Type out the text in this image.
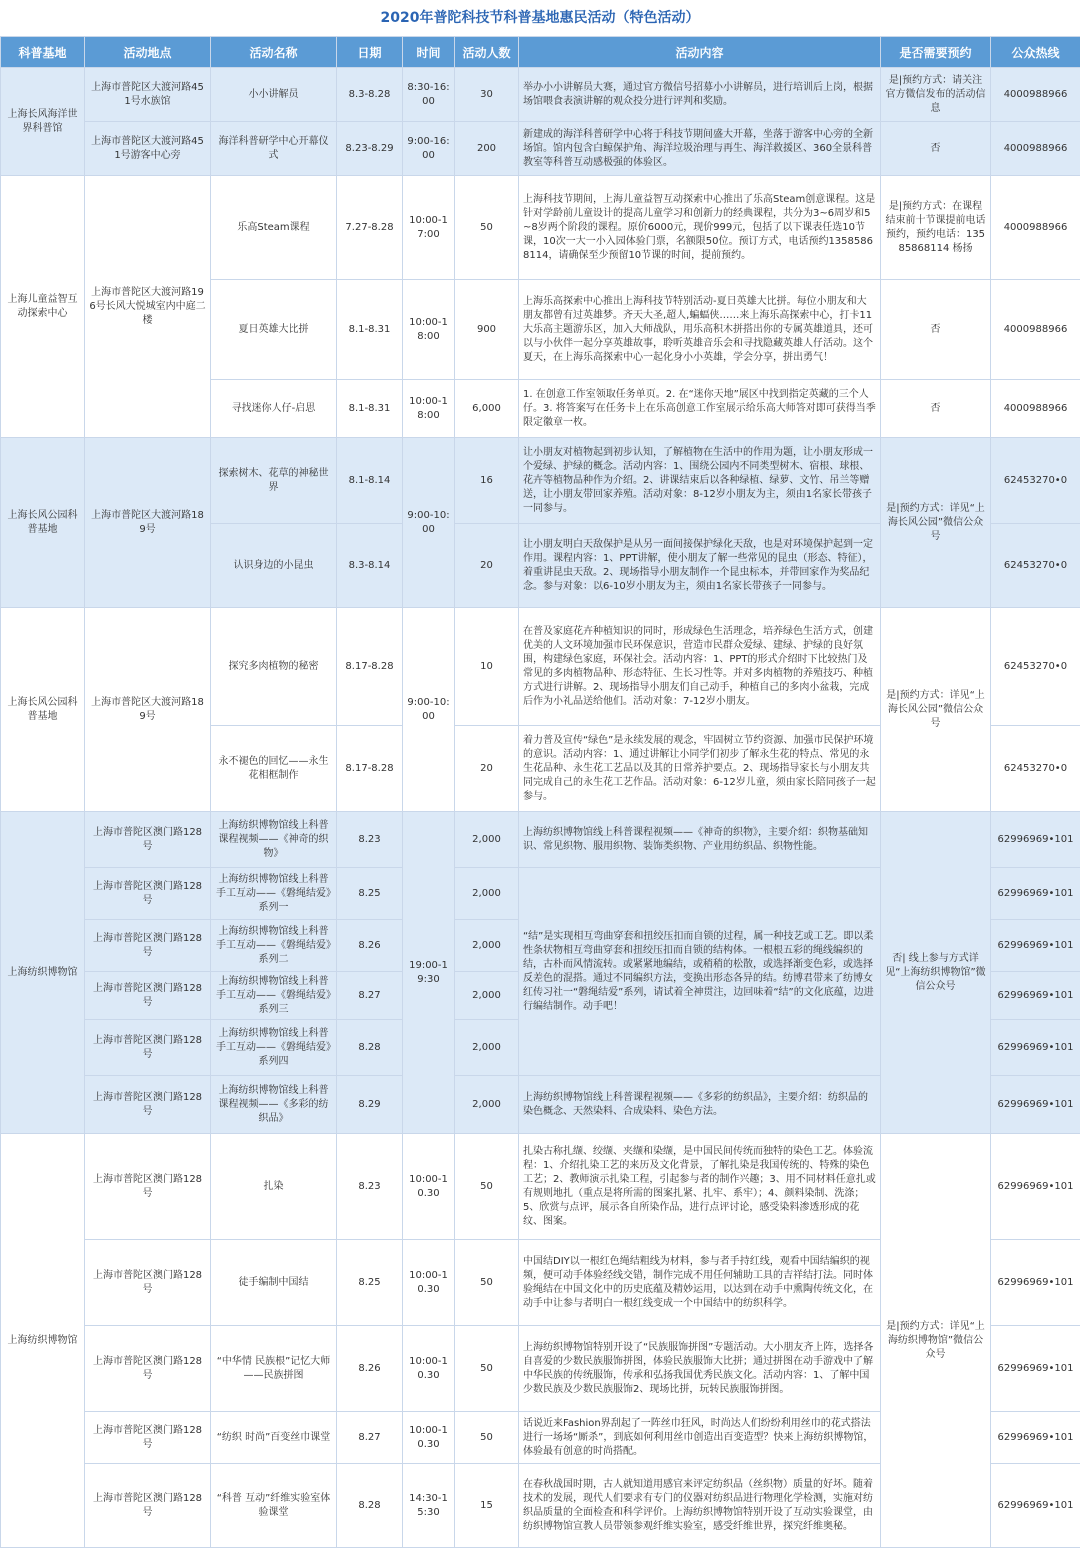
2020年普陀科技节科普基地惠民活动（特色活动）
科普基地	活动地点	活动名称	日期	时间	活动人数	活动内容	是否需要预约	公众热线
上海长风海洋世界科普馆	上海市普陀区大渡河路451号水族馆	小小讲解员	8.3-8.28	8:30-16:00	30	举办小小讲解员大赛，通过官方微信号招募小小讲解员，进行培训后上岗，根据场馆喂食表演讲解的观众投分进行评判和奖励。	是|预约方式：请关注官方微信发布的活动信息	4000988966
	上海市普陀区大渡河路451号游客中心旁	海洋科普研学中心开幕仪式	8.23-8.29	9:00-16:00	200	新建成的海洋科普研学中心将于科技节期间盛大开幕，坐落于游客中心旁的全新场馆。馆内包含白鲸保护角、海洋垃圾治理与再生、海洋救援区、360全景科普教室等科普互动感极强的体验区。	否	4000988966
上海儿童益智互动探索中心	上海市普陀区大渡河路196号长风大悦城室内中庭二楼	乐高Steam课程	7.27-8.28	10:00-17:00	50	上海科技节期间，上海儿童益智互动探索中心推出了乐高Steam创意课程。这是针对学龄前儿童设计的提高儿童学习和创新力的经典课程，共分为3~6周岁和5~8岁两个阶段的课程。原价6000元，现价999元，包括了以下课表任选10节课，10次一大一小入园体验门票，名额限50位。预订方式，电话预约13585868114，请确保至少预留10节课的时间，提前预约。	是|预约方式：在课程结束前十节课提前电话预约，预约电话：13585868114 杨扬	4000988966
		夏日英雄大比拼	8.1-8.31	10:00-18:00	900	上海乐高探索中心推出上海科技节特别活动-夏日英雄大比拼。每位小朋友和大朋友都曾有过英雄梦。齐天大圣,超人,蝙蝠侠……来上海乐高探索中心，打卡11大乐高主题游乐区，加入大师战队，用乐高积木拼搭出你的专属英雄道具，还可以与小伙伴一起分享英雄故事，聆听英雄音乐会和寻找隐藏英雄人仔活动。这个夏天，在上海乐高探索中心一起化身小小英雄，学会分享，拼出勇气！	否	4000988966
		寻找迷你人仔-启思	8.1-8.31	10:00-18:00	6,000	1. 在创意工作室领取任务单页。2. 在“迷你天地”展区中找到指定英藏的三个人仔。3. 将答案写在任务卡上在乐高创意工作室展示给乐高大师答对即可获得当季限定徽章一枚。	否	4000988966
上海长风公园科普基地	上海市普陀区大渡河路189号	探索树木、花草的神秘世界	8.1-8.14	9:00-10:00	16	让小朋友对植物起到初步认知，了解植物在生活中的作用为题，让小朋友形成一个爱绿、护绿的概念。活动内容：1、围绕公园内不同类型树木、宿根、球根、花卉等植物品种作为介绍。2、讲课结束后以各种绿植、绿萝、文竹、吊兰等赠送，让小朋友带回家养殖。活动对象：8-12岁小朋友为主，须由1名家长带孩子一同参与。	是|预约方式：详见“上海长风公园”微信公众号	62453270•0
		认识身边的小昆虫	8.3-8.14		20	让小朋友明白天敌保护是从另一面间接保护绿化天敌，也是对环境保护起到一定作用。课程内容：1、PPT讲解，使小朋友了解一些常见的昆虫（形态、特征），着重讲昆虫天敌。2、现场指导小朋友制作一个昆虫标本，并带回家作为奖品纪念。参与对象：以6-10岁小朋友为主，须由1名家长带孩子一同参与。		62453270•0
上海长风公园科普基地	上海市普陀区大渡河路189号	探究多肉植物的秘密	8.17-8.28	9:00-10:00	10	在普及家庭花卉种植知识的同时，形成绿色生活理念，培养绿色生活方式，创建优美的人文环境加强市民环保意识，营造市民群众爱绿、建绿、护绿的良好氛围，构建绿色家庭，环保社会。活动内容：1、PPT的形式介绍时下比较热门及常见的多肉植物品种、形态特征、生长习性等。并对多肉植物的养殖技巧、种植方式进行讲解。2、现场指导小朋友们自己动手，种植自己的多肉小盆栽，完成后作为小礼品送给他们。活动对象：7-12岁小朋友。	是|预约方式：详见“上海长风公园”微信公众号	62453270•0
		永不褪色的回忆——永生花相框制作	8.17-8.28		20	着力普及宣传“绿色”是永续发展的观念，牢固树立节约资源、加强市民保护环境的意识。活动内容：1、通过讲解让小同学们初步了解永生花的特点、常见的永生花品种、永生花工艺品以及其的日常养护要点。2、现场指导家长与小朋友共同完成自己的永生花工艺作品。活动对象：6-12岁儿童，须由家长陪同孩子一起参与。		62453270•0
上海纺织博物馆	上海市普陀区澳门路128号	上海纺织博物馆线上科普课程视频——《神奇的织物》	8.23	19:00-19:30	2,000	上海纺织博物馆线上科普课程视频——《神奇的织物》，主要介绍：织物基础知识、常见织物、服用织物、装饰类织物、产业用纺织品、织物性能。	否| 线上参与方式详见“上海纺织博物馆”微信公众号	62996969•101
	上海市普陀区澳门路128号	上海纺织博物馆线上科普手工互动——《磐绳结爱》系列一	8.25		2,000	“结”是实现相互弯曲穿套和扭绞压扣而自锁的过程，属一种技艺或工艺。即以柔性条状物相互弯曲穿套和扭绞压扣而自锁的结构体。一根根五彩的绳线编织的结，古朴而风情流转。或紧紧地编结，或稍稍的松散，或选择渐变色彩，或选择反差色的混搭。通过不同编织方法，变换出形态各异的结。纺博君带来了纺博女红传习社一“磐绳结爱”系列，请试着全神贯注，边回味着“结”的文化底蕴，边进行编结制作。动手吧！		62996969•101
	上海市普陀区澳门路128号	上海纺织博物馆线上科普手工互动——《磐绳结爱》系列二	8.26		2,000			62996969•101
	上海市普陀区澳门路128号	上海纺织博物馆线上科普手工互动——《磐绳结爱》系列三	8.27		2,000			62996969•101
	上海市普陀区澳门路128号	上海纺织博物馆线上科普手工互动——《磐绳结爱》系列四	8.28		2,000			62996969•101
	上海市普陀区澳门路128号	上海纺织博物馆线上科普课程视频——《多彩的纺织品》	8.29		2,000	上海纺织博物馆线上科普课程视频——《多彩的纺织品》，主要介绍：纺织品的染色概念、天然染料、合成染料、染色方法。		62996969•101
上海纺织博物馆	上海市普陀区澳门路128号	扎染	8.23	10:00-10.30	50	扎染古称扎缬、绞缬、夹缬和染缬，是中国民间传统而独特的染色工艺。体验流程：1、介绍扎染工艺的来历及文化背景，了解扎染是我国传统的、特殊的染色工艺；2、教师演示扎染工程，引起参与者的制作兴趣；3、用不同材料任意扎或有规则地扎（重点是将所需的图案扎紧、扎牢、系牢）；4、颜料染制、洗涤；5、欣赏与点评，展示各自所染作品，进行点评讨论，感受染料渗透形成的花纹、图案。	是|预约方式：详见“上海纺织博物馆”微信公众号	62996969•101
	上海市普陀区澳门路128号	徒手编制中国结	8.25	10:00-10.30	50	中国结DIY以一根红色绳结粗线为材料，参与者手持红线，观看中国结编织的视频，便可动手体验经线交错，制作完成不用任何辅助工具的吉祥结打法。同时体验绳结在中国文化中的历史底蕴及精妙运用，以达到在动手中熏陶传统文化，在动手中让参与者明白一根红线变成一个中国结中的纺织科学。		62996969•101
	上海市普陀区澳门路128号	“中华情 民族根”记忆大师——民族拼图	8.26	10:00-10.30	50	上海纺织博物馆特别开设了“民族服饰拼图”专题活动。大小朋友齐上阵，选择各自喜爱的少数民族服饰拼图，体验民族服饰大比拼；通过拼图在动手游戏中了解中华民族的传统服饰，传承和弘扬我国优秀民族文化。活动内容：1、了解中国少数民族及少数民族服饰2、现场比拼，玩转民族服饰拼图。		62996969•101
	上海市普陀区澳门路128号	“纺织 时尚”百变丝巾课堂	8.27	10:00-10.30	50	话说近来Fashion界刮起了一阵丝巾狂风，时尚达人们纷纷利用丝巾的花式搭法进行一场场“厮杀”，到底如何利用丝巾创造出百变造型？快来上海纺织博物馆，体验最有创意的时尚搭配。		62996969•101
	上海市普陀区澳门路128号	“科普 互动”纤维实验室体验课堂	8.28	14:30-15:30	15	在春秋战国时期，古人就知道用感官来评定纺织品（丝织物）质量的好坏。随着技术的发展，现代人们要求有专门的仪器对纺织品进行物理化学检测，实施对纺织品质量的全面检查和科学评价。上海纺织博物馆特别开设了互动实验课堂，由纺织博物馆宣教人员带领参观纤维实验室，感受纤维世界，探究纤维奥秘。		62996969•101
